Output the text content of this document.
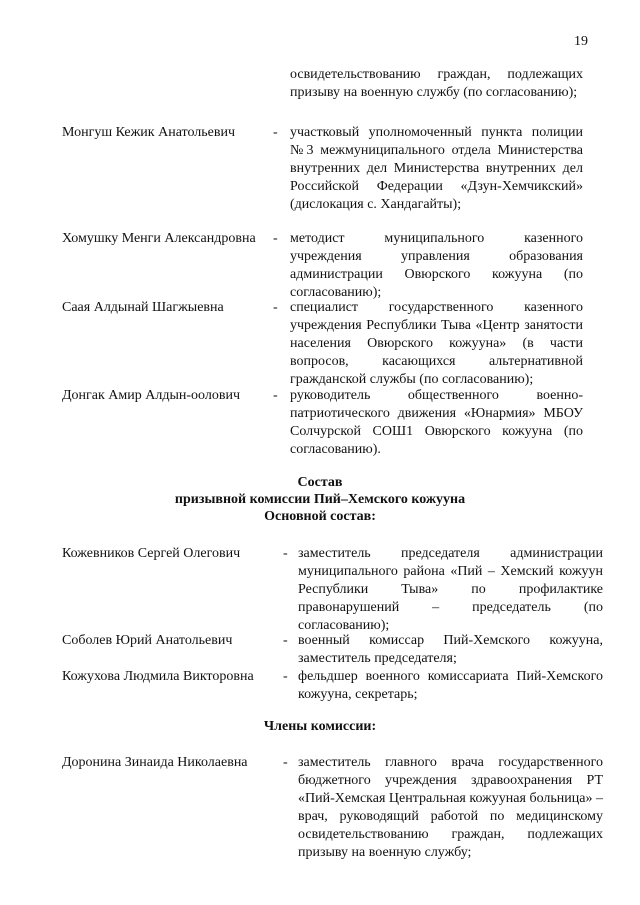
19
освидетельствованию граждан, подлежащих призыву на военную службу (по согласованию);
Монгуш Кежик Анатольевич	- участковый уполномоченный пункта полиции №3 межмуниципального отдела Министерства внутренних дел Министерства внутренних дел Российской Федерации «Дзун-Хемчикский» (дислокация с. Хандагайты);
Хомушку Менги Александровна	- методист муниципального казенного учреждения управления образования администрации Овюрского кожууна (по согласованию);
Саая Алдынай Шагжыевна	- специалист государственного казенного учреждения Республики Тыва «Центр занятости населения Овюрского кожууна» (в части вопросов, касающихся альтернативной гражданской службы (по согласованию);
Донгак Амир Алдын-оолович	- руководитель общественного военно-патриотического движения «Юнармия» МБОУ Солчурской СОШ1 Овюрского кожууна (по согласованию).
Состав
призывной комиссии Пий–Хемского кожууна
Основной состав:
Кожевников Сергей Олегович	- заместитель председателя администрации муниципального района «Пий – Хемский кожуун Республики Тыва» по профилактике правонарушений – председатель (по согласованию);
Соболев Юрий Анатольевич	- военный комиссар Пий-Хемского кожууна, заместитель председателя;
Кожухова Людмила Викторовна	- фельдшер военного комиссариата Пий-Хемского кожууна, секретарь;
Члены комиссии:
Доронина Зинаида Николаевна	- заместитель главного врача государственного бюджетного учреждения здравоохранения РТ «Пий-Хемская Центральная кожууная больница» – врач, руководящий работой по медицинскому освидетельствованию граждан, подлежащих призыву на военную службу;
